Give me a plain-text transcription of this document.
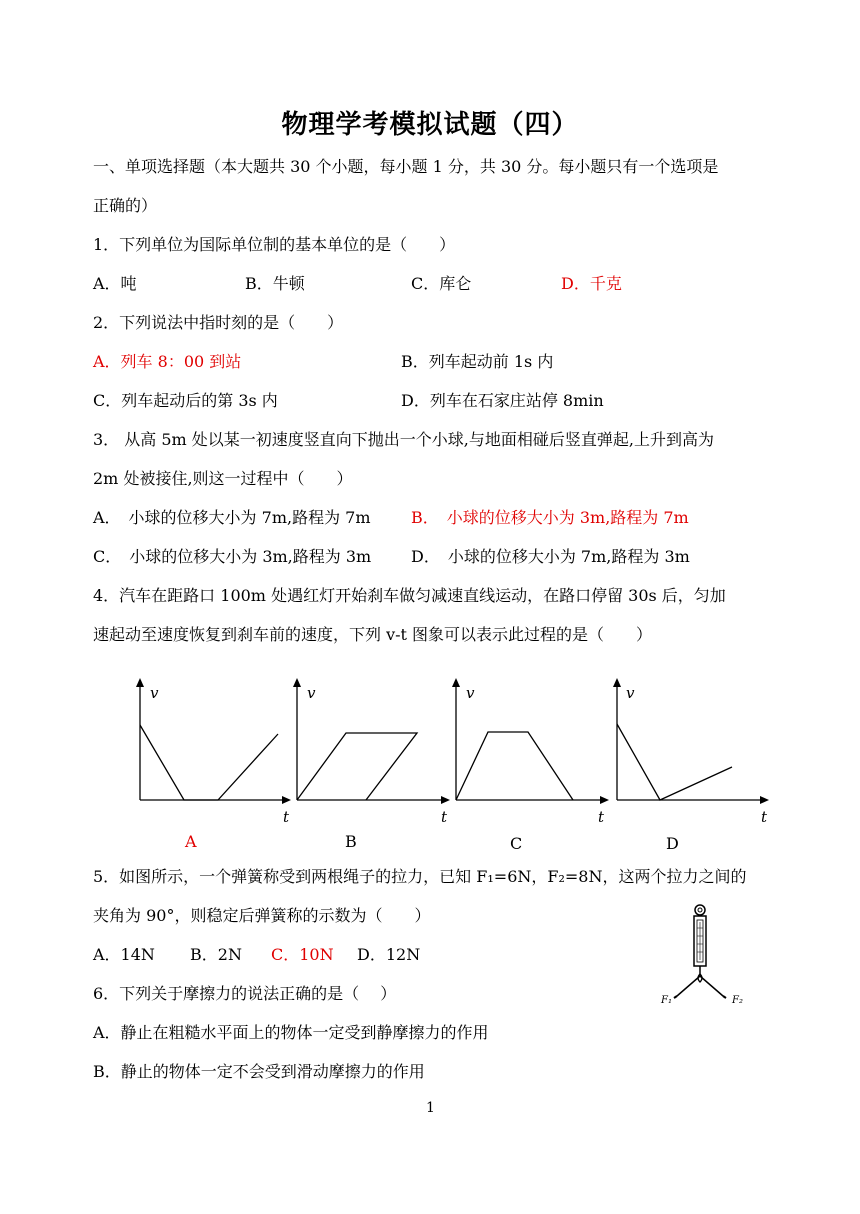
物理学考模拟试题（四）
一、单项选择题（本大题共 30 个小题，每小题 1 分，共 30 分。每小题只有一个选项是
正确的）
1．下列单位为国际单位制的基本单位的是（　　）
A．吨	B．牛顿	C．库仑	D．千克
2．下列说法中指时刻的是（　　）
A．列车 8：00 到站	B．列车起动前 1s 内
C．列车起动后的第 3s 内	D．列车在石家庄站停 8min
3． 从高 5m 处以某一初速度竖直向下抛出一个小球,与地面相碰后竖直弹起,上升到高为
2m 处被接住,则这一过程中（　　）
A．　小球的位移大小为 7m,路程为 7m	B．　小球的位移大小为 3m,路程为 7m
C．　小球的位移大小为 3m,路程为 3m D．　小球的位移大小为 7m,路程为 3m
4．汽车在距路口 100m 处遇红灯开始刹车做匀减速直线运动，在路口停留 30s 后，匀加
速起动至速度恢复到刹车前的速度，下列 v-t 图象可以表示此过程的是（　　）
v
t
v
t
v
t
v
t
A	B	C	D
5．如图所示，一个弹簧称受到两根绳子的拉力，已知 F₁=6N，F₂=8N，这两个拉力之间的
夹角为 90°，则稳定后弹簧称的示数为（　　）
A．14N B．2N C．10N D．12N
F₁	F₂
6．下列关于摩擦力的说法正确的是（　 ）
A．静止在粗糙水平面上的物体一定受到静摩擦力的作用
B．静止的物体一定不会受到滑动摩擦力的作用
1
